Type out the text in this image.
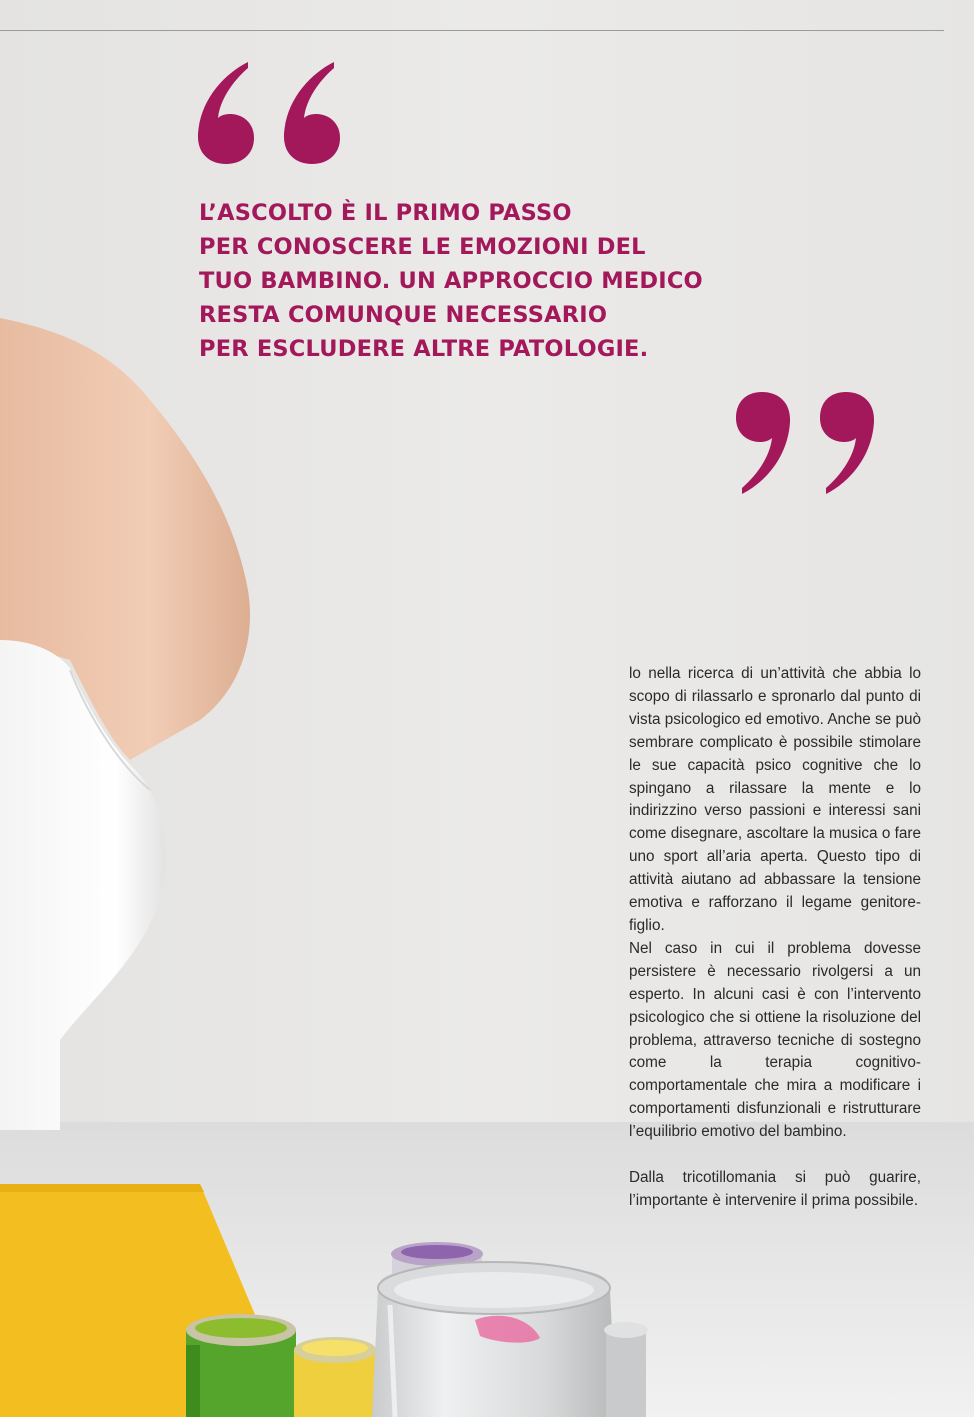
L’ASCOLTO È IL PRIMO PASSO
PER CONOSCERE LE EMOZIONI DEL
TUO BAMBINO. UN APPROCCIO MEDICO
RESTA COMUNQUE NECESSARIO
PER ESCLUDERE ALTRE PATOLOGIE.

lo nella ricerca di un’attività che abbia lo scopo di rilassarlo e spronarlo dal punto di vista psicologico ed emotivo. Anche se può sembrare complicato è possibile stimolare le sue capacità psico cognitive che lo spingano a rilassare la mente e lo indirizzino verso passioni e interessi sani come disegnare, ascoltare la musica o fare uno sport all’aria aperta. Questo tipo di attività aiutano ad abbassare la tensione emotiva e rafforzano il legame genitore-figlio.

Nel caso in cui il problema dovesse persistere è necessario rivolgersi a un esperto. In alcuni casi è con l’intervento psicologico che si ottiene la risoluzione del problema, attraverso tecniche di sostegno come la terapia cognitivo-comportamentale che mira a modificare i comportamenti disfunzionali e ristrutturare l’equilibrio emotivo del bambino.

Dalla tricotillomania si può guarire, l’importante è intervenire il prima possibile.
